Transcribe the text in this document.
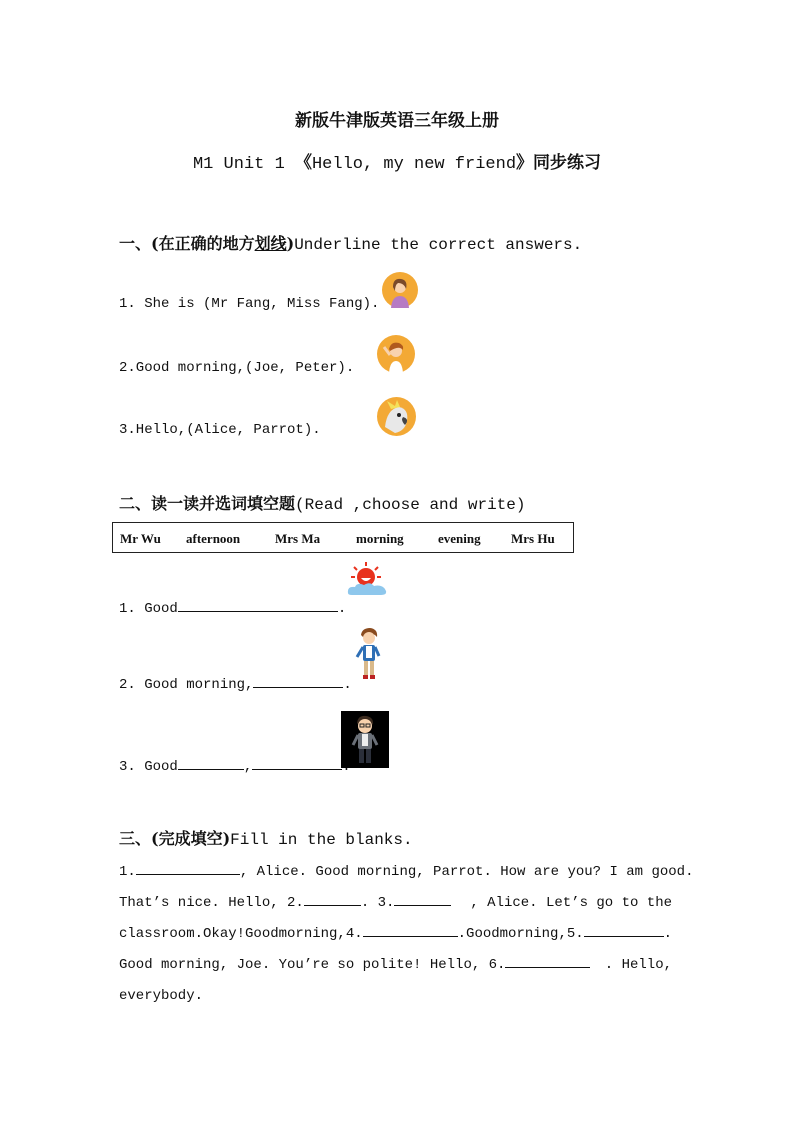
新版牛津版英语三年级上册
M1 Unit 1 《Hello, my new friend》同步练习
一、(在正确的地方划线)Underline the correct answers.
1. She is (Mr Fang, Miss Fang).
2.Good morning,(Joe, Peter).
3.Hello,(Alice, Parrot).
二、读一读并选词填空题(Read ,choose and write)
Mr Wu afternoon	Mrs Ma	morning	evening Mrs Hu
1. Good	.
2. Good morning,	.
3. Good	,
三、(完成填空)Fill in the blanks.
1.	, Alice. Good morning, Parrot. How are you? I am good.
That’s nice. Hello, 2.	. 3.	, Alice. Let’s go to the
classroom.Okay!Goodmorning,4.	.Goodmorning,5.	.
Good morning, Joe. You’re so polite! Hello, 6.	. Hello,
everybody.
